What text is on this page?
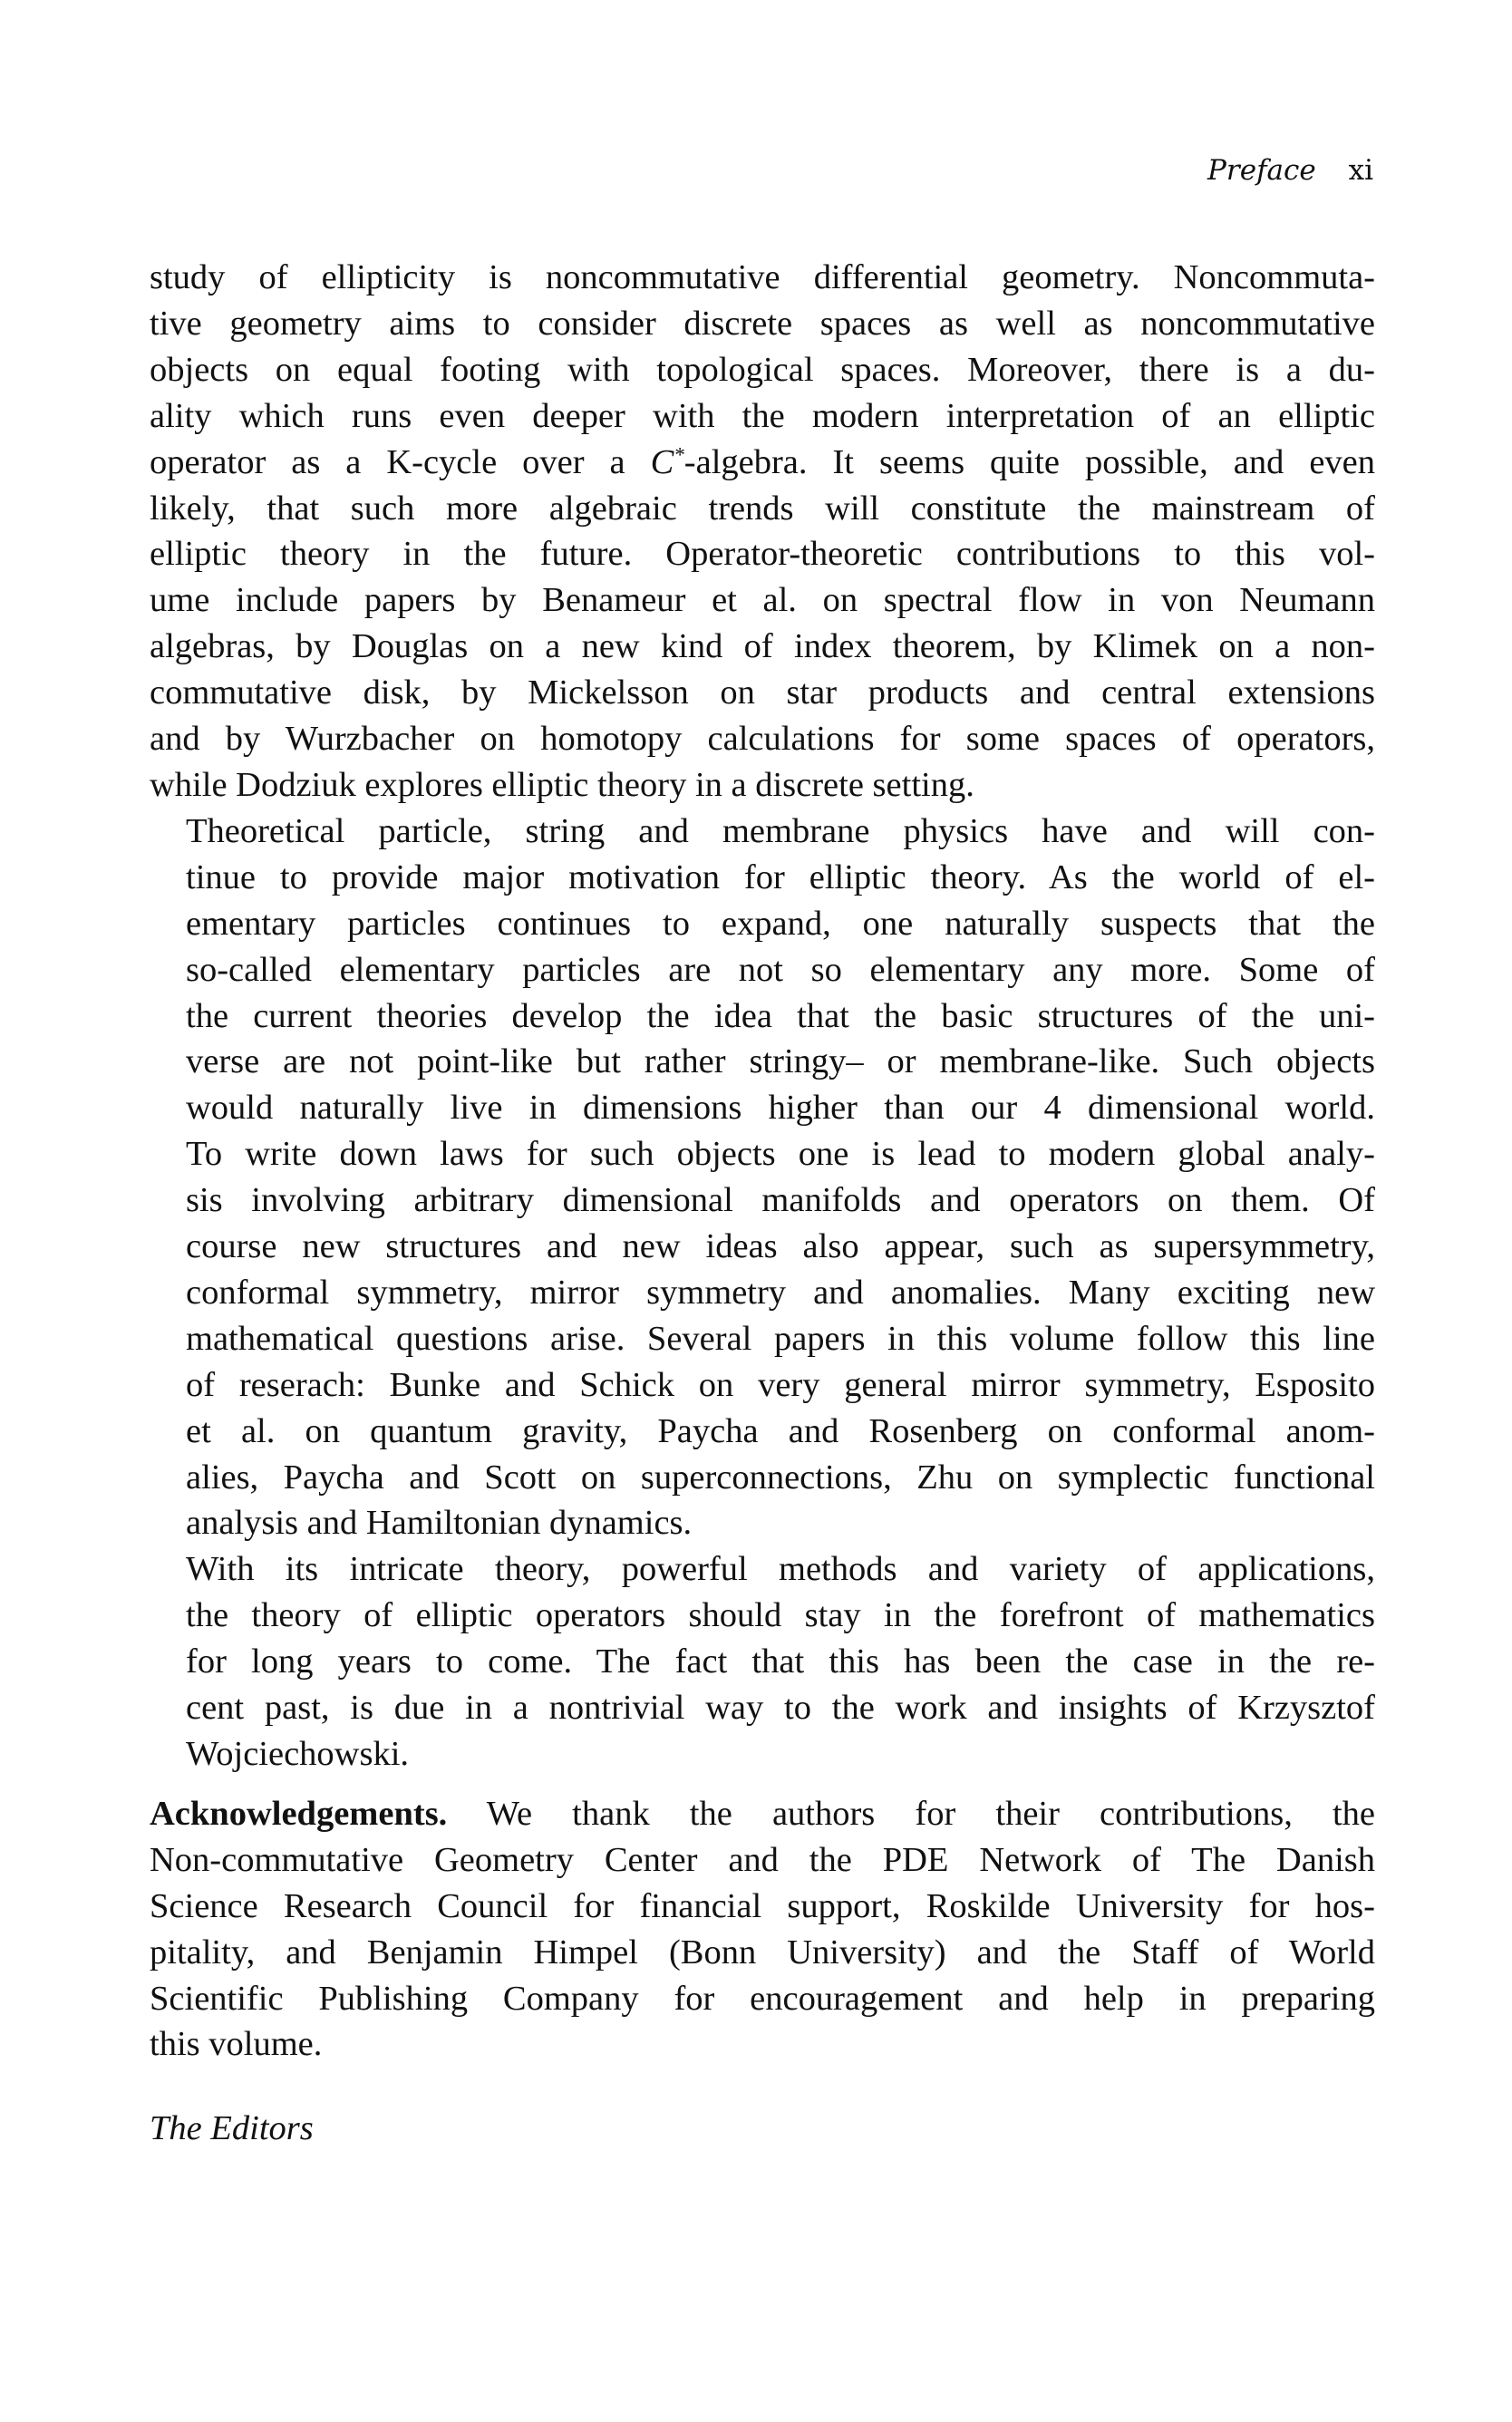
Preface xi

study of ellipticity is noncommutative differential geometry. Noncommuta-
tive geometry aims to consider discrete spaces as well as noncommutative
objects on equal footing with topological spaces. Moreover, there is a du-
ality which runs even deeper with the modern interpretation of an elliptic
operator as a K-cycle over a C*-algebra. It seems quite possible, and even
likely, that such more algebraic trends will constitute the mainstream of
elliptic theory in the future. Operator-theoretic contributions to this vol-
ume include papers by Benameur et al. on spectral flow in von Neumann
algebras, by Douglas on a new kind of index theorem, by Klimek on a non-
commutative disk, by Mickelsson on star products and central extensions
and by Wurzbacher on homotopy calculations for some spaces of operators,
while Dodziuk explores elliptic theory in a discrete setting.

Theoretical particle, string and membrane physics have and will con-
tinue to provide major motivation for elliptic theory. As the world of el-
ementary particles continues to expand, one naturally suspects that the
so-called elementary particles are not so elementary any more. Some of
the current theories develop the idea that the basic structures of the uni-
verse are not point-like but rather stringy– or membrane-like. Such objects
would naturally live in dimensions higher than our 4 dimensional world.
To write down laws for such objects one is lead to modern global analy-
sis involving arbitrary dimensional manifolds and operators on them. Of
course new structures and new ideas also appear, such as supersymmetry,
conformal symmetry, mirror symmetry and anomalies. Many exciting new
mathematical questions arise. Several papers in this volume follow this line
of reserach: Bunke and Schick on very general mirror symmetry, Esposito
et al. on quantum gravity, Paycha and Rosenberg on conformal anom-
alies, Paycha and Scott on superconnections, Zhu on symplectic functional
analysis and Hamiltonian dynamics.

With its intricate theory, powerful methods and variety of applications,
the theory of elliptic operators should stay in the forefront of mathematics
for long years to come. The fact that this has been the case in the re-
cent past, is due in a nontrivial way to the work and insights of Krzysztof
Wojciechowski.

Acknowledgements. We thank the authors for their contributions, the
Non-commutative Geometry Center and the PDE Network of The Danish
Science Research Council for financial support, Roskilde University for hos-
pitality, and Benjamin Himpel (Bonn University) and the Staff of World
Scientific Publishing Company for encouragement and help in preparing
this volume.

The Editors
